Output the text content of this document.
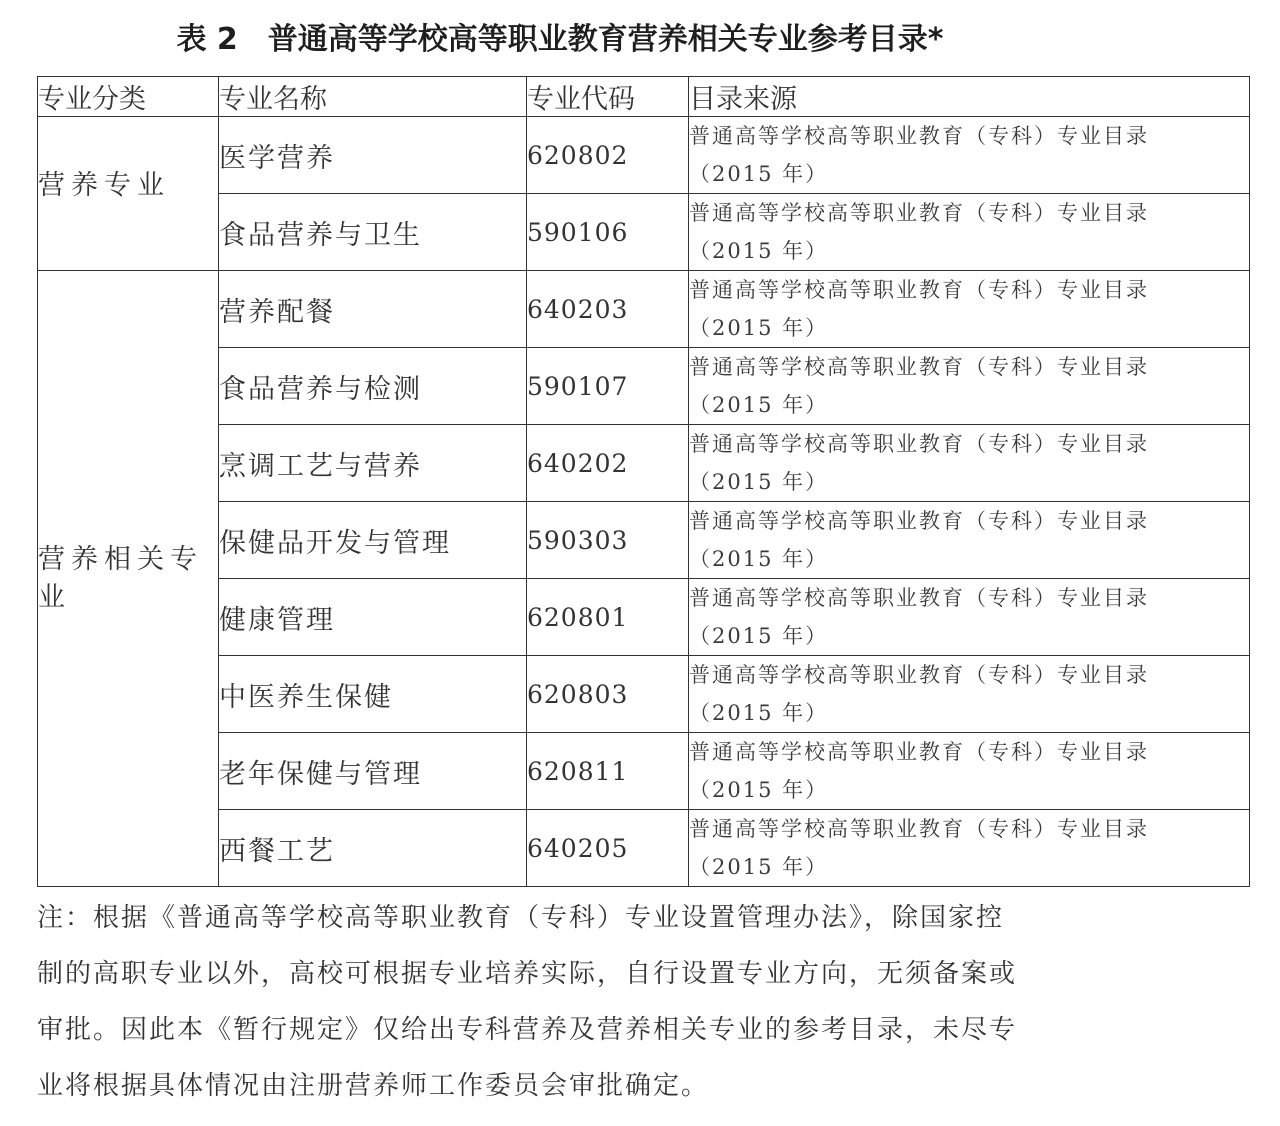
表 2　普通高等学校高等职业教育营养相关专业参考目录*
专业分类	专业名称	专业代码	目录来源
营养专业	医学营养	620802	普通高等学校高等职业教育（专科）专业目录
（2015 年）

	食品营养与卫生	590106	普通高等学校高等职业教育（专科）专业目录
（2015 年）

营养相关专业	营养配餐	640203	普通高等学校高等职业教育（专科）专业目录
（2015 年）

	食品营养与检测	590107	普通高等学校高等职业教育（专科）专业目录
（2015 年）

	烹调工艺与营养	640202	普通高等学校高等职业教育（专科）专业目录
（2015 年）

	保健品开发与管理	590303	普通高等学校高等职业教育（专科）专业目录
（2015 年）

	健康管理	620801	普通高等学校高等职业教育（专科）专业目录
（2015 年）

	中医养生保健	620803	普通高等学校高等职业教育（专科）专业目录
（2015 年）

	老年保健与管理	620811	普通高等学校高等职业教育（专科）专业目录
（2015 年）

	西餐工艺	640205	普通高等学校高等职业教育（专科）专业目录
（2015 年）
注：根据《普通高等学校高等职业教育（专科）专业设置管理办法》，除国家控
制的高职专业以外，高校可根据专业培养实际，自行设置专业方向，无须备案或
审批。因此本《暂行规定》仅给出专科营养及营养相关专业的参考目录，未尽专
业将根据具体情况由注册营养师工作委员会审批确定。
